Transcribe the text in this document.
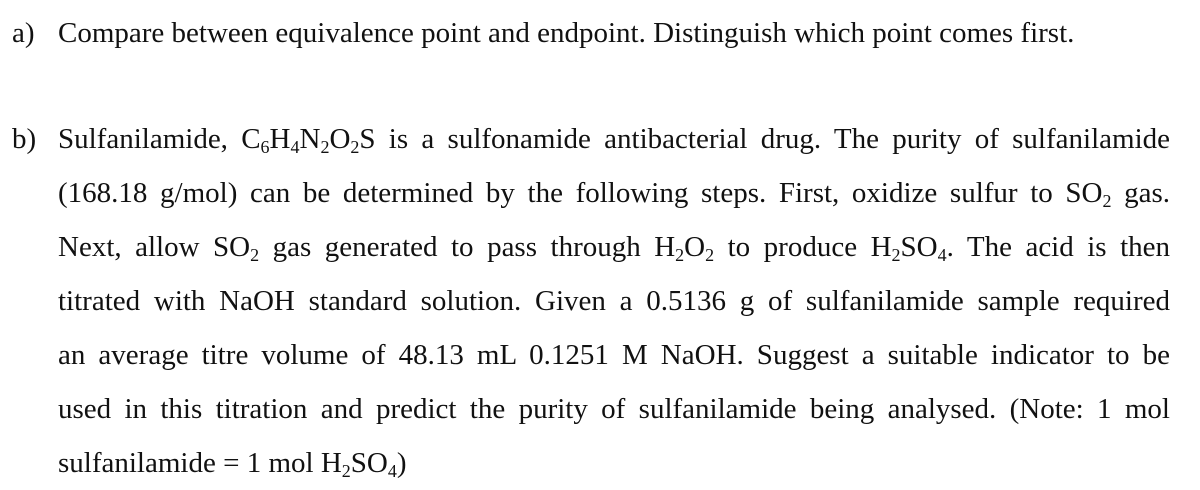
a) Compare between equivalence point and endpoint. Distinguish which point comes first.
b) Sulfanilamide, $C_6H_4N_2O_2S$ is a sulfonamide antibacterial drug. The purity of sulfanilamide
(168.18 g/mol) can be determined by the following steps. First, oxidize sulfur to $SO_2$ gas.
Next, allow $SO_2$ gas generated to pass through $H_2O_2$ to produce $H_2SO_4$. The acid is then
titrated with NaOH standard solution. Given a 0.5136 g of sulfanilamide sample required
an average titre volume of 48.13 mL 0.1251 M NaOH. Suggest a suitable indicator to be
used in this titration and predict the purity of sulfanilamide being analysed. (Note: 1 mol
sulfanilamide = 1 mol $H_2SO_4$)
